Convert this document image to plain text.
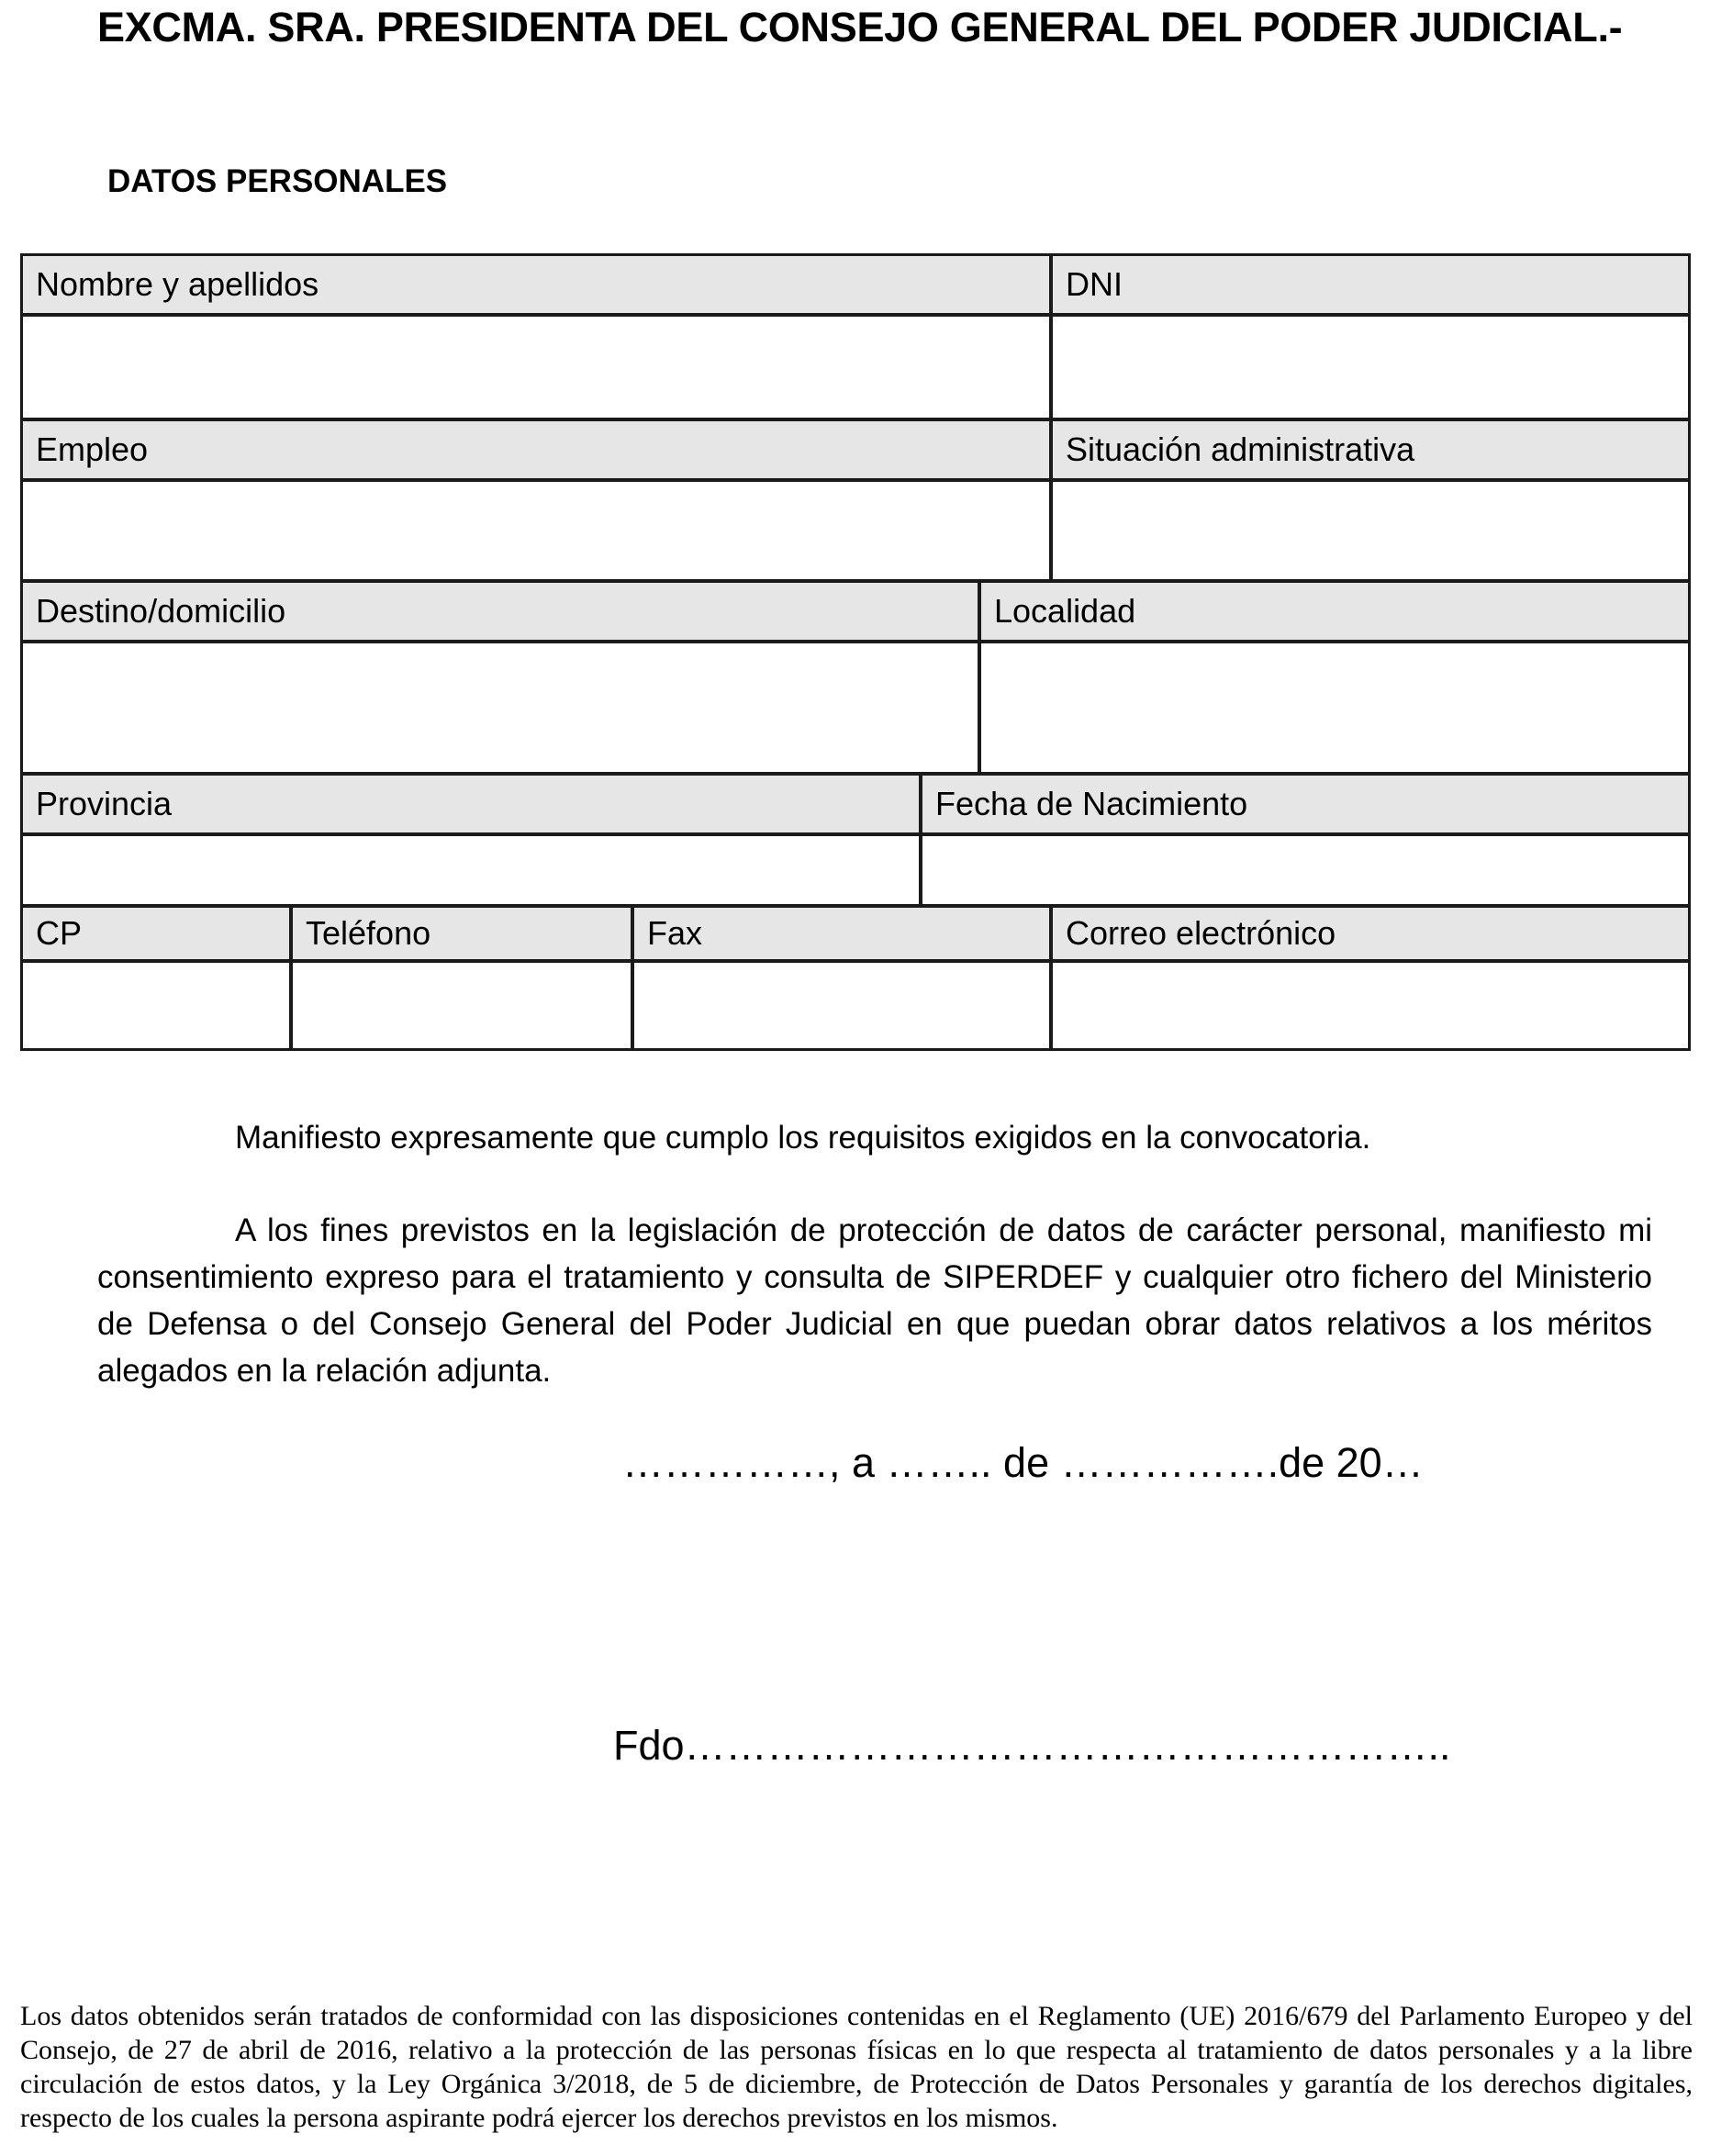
EXCMA. SRA. PRESIDENTA DEL CONSEJO GENERAL DEL PODER JUDICIAL.-
DATOS PERSONALES
Nombre y apellidos	DNI
Empleo	Situación administrativa
Destino/domicilio	Localidad
Provincia	Fecha de Nacimiento
CP	Teléfono	Fax	Correo electrónico

Manifiesto expresamente que cumplo los requisitos exigidos en la convocatoria.

A los fines previstos en la legislación de protección de datos de carácter personal, manifiesto mi consentimiento expreso para el tratamiento y consulta de SIPERDEF y cualquier otro fichero del Ministerio de Defensa o del Consejo General del Poder Judicial en que puedan obrar datos relativos a los méritos alegados en la relación adjunta.

……………, a …….. de …………….de 20…
Fdo………………………………………………..

Los datos obtenidos serán tratados de conformidad con las disposiciones contenidas en el Reglamento (UE) 2016/679 del Parlamento Europeo y del Consejo, de 27 de abril de 2016, relativo a la protección de las personas físicas en lo que respecta al tratamiento de datos personales y a la libre circulación de estos datos, y la Ley Orgánica 3/2018, de 5 de diciembre, de Protección de Datos Personales y garantía de los derechos digitales, respecto de los cuales la persona aspirante podrá ejercer los derechos previstos en los mismos.
